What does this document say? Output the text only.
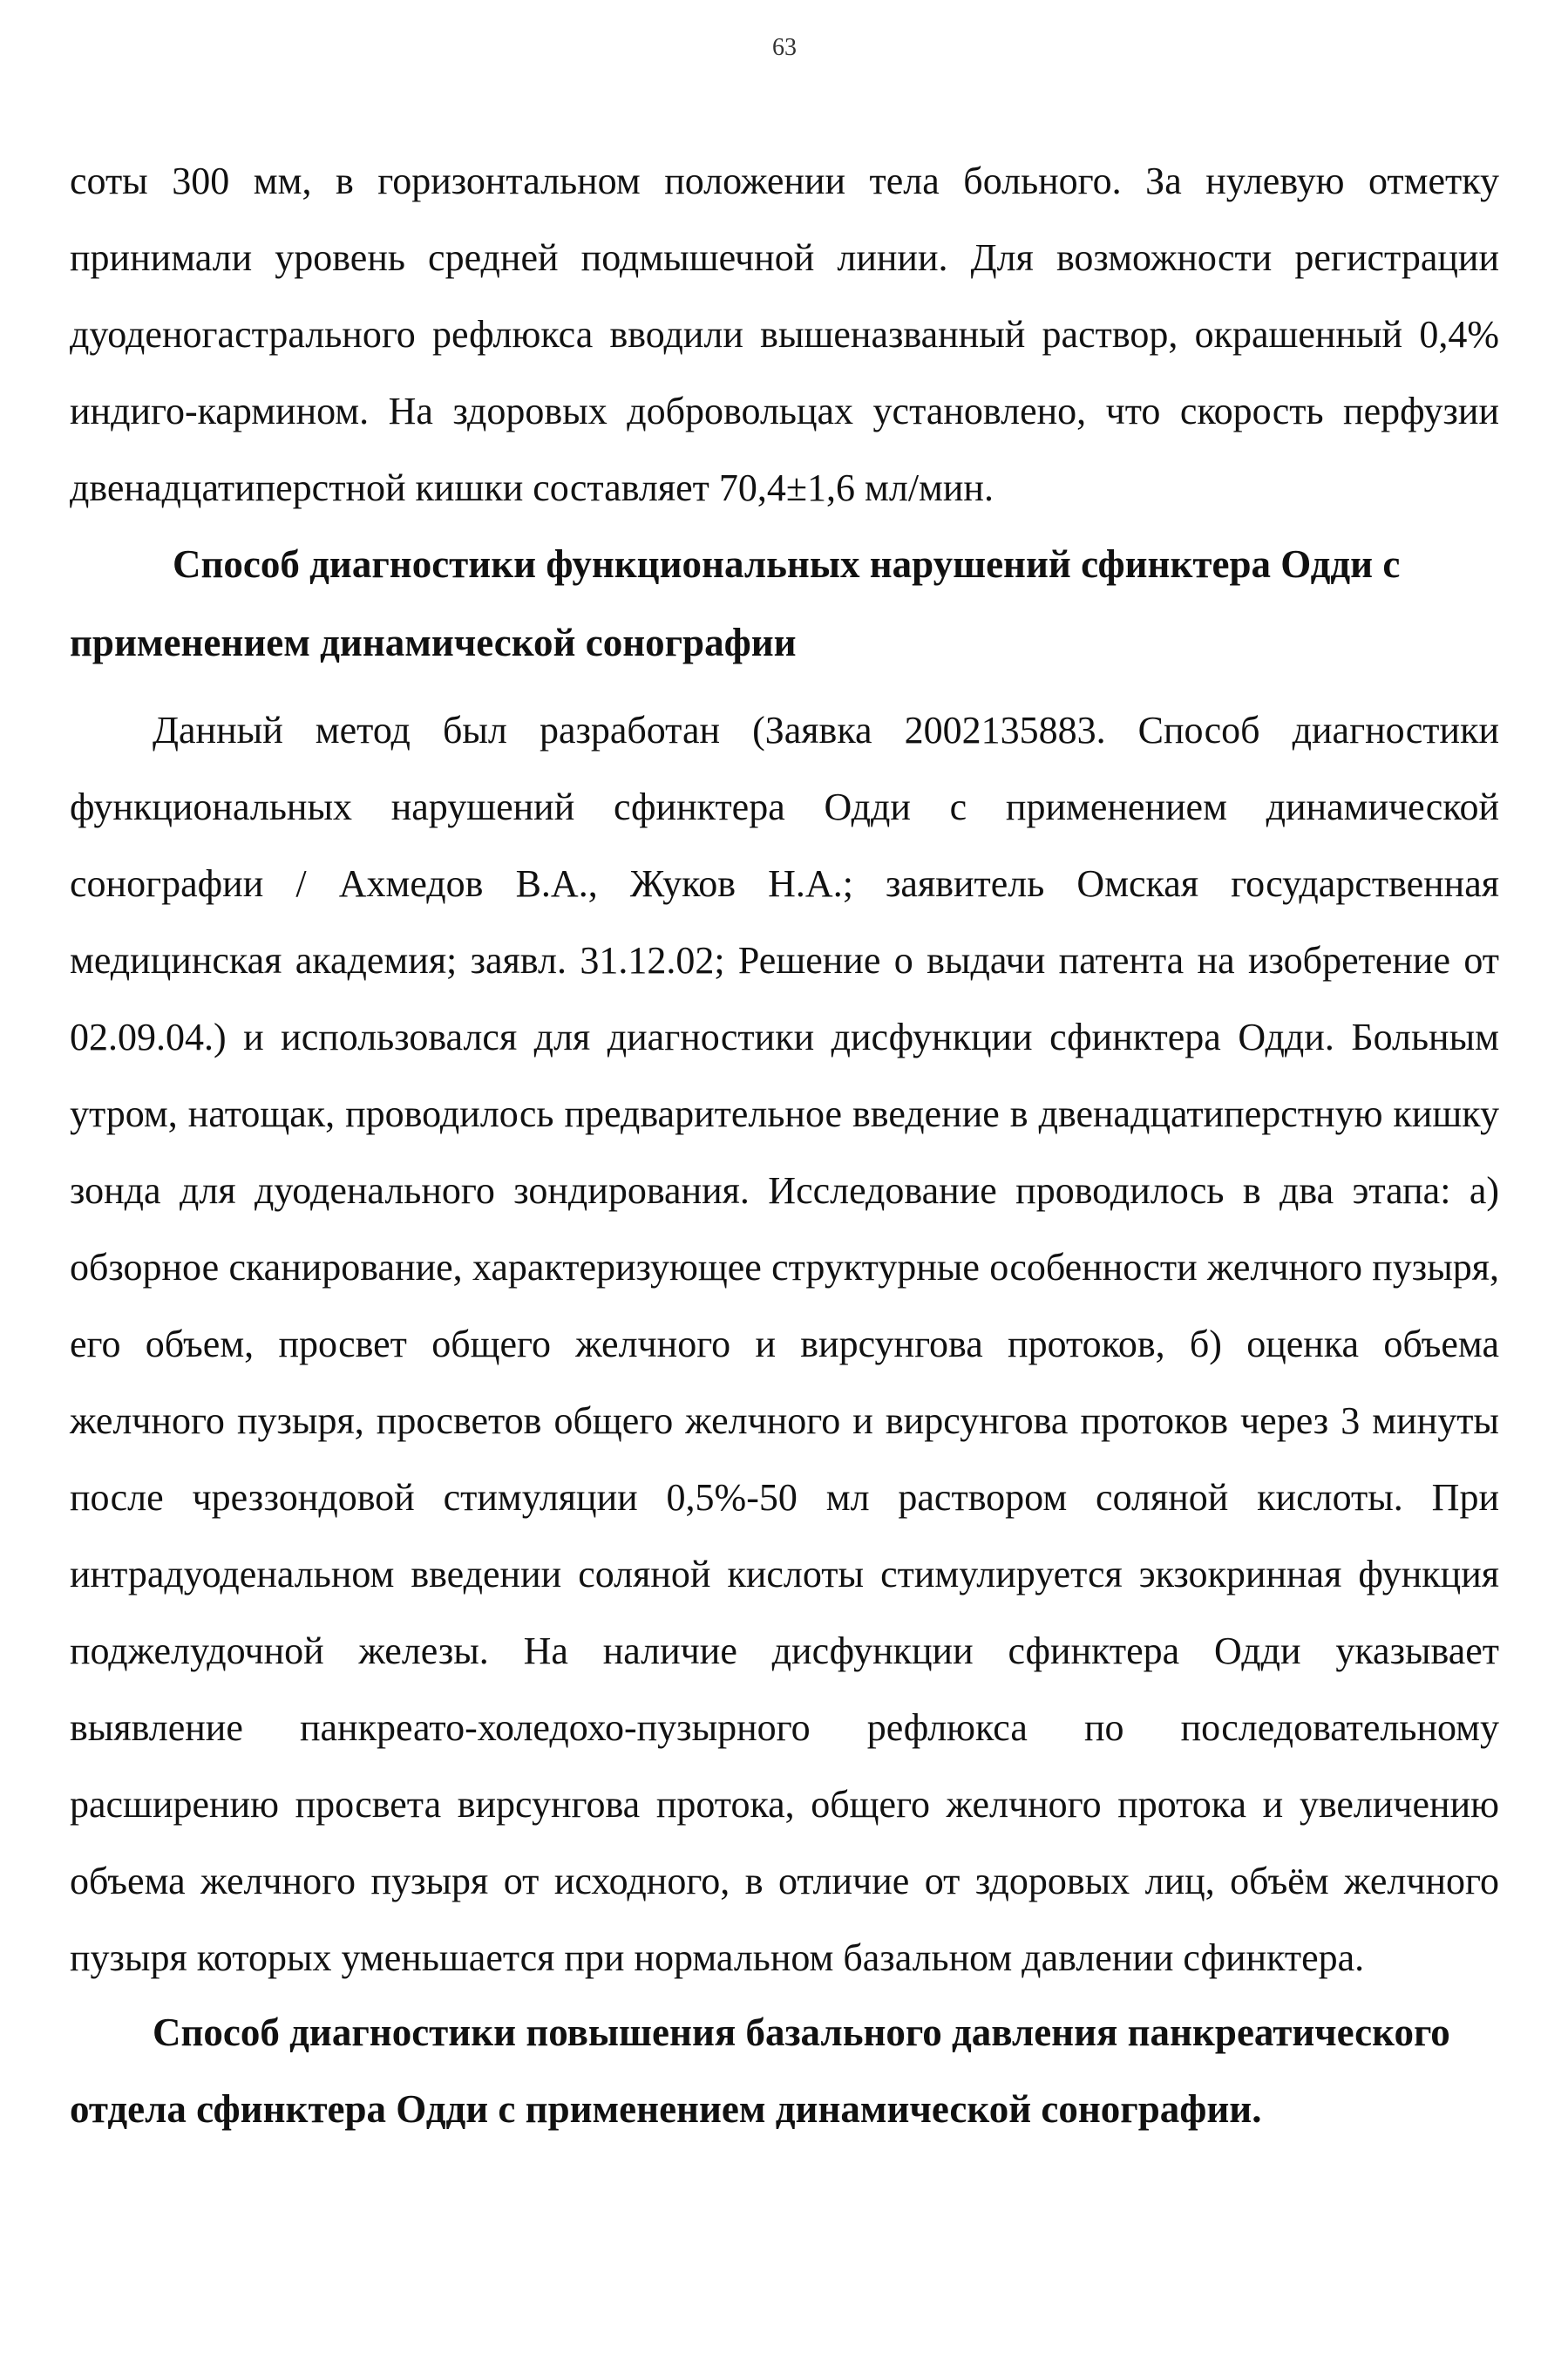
63

соты 300 мм, в горизонтальном положении тела больного. За нулевую отметку принимали уровень средней подмышечной линии. Для возможности регистрации дуоденогастрального рефлюкса вводили вышеназванный раствор, окрашенный 0,4% индиго-кармином. На здоровых добровольцах установлено, что скорость перфузии двенадцатиперстной кишки составляет 70,4±1,6 мл/мин.

Способ диагностики функциональных нарушений сфинктера Одди с применением динамической сонографии

Данный метод был разработан (Заявка 2002135883. Способ диагностики функциональных нарушений сфинктера Одди с применением динамической сонографии / Ахмедов В.А., Жуков Н.А.; заявитель Омская государственная медицинская академия; заявл. 31.12.02; Решение о выдачи патента на изобретение от 02.09.04.) и использовался для диагностики дисфункции сфинктера Одди. Больным утром, натощак, проводилось предварительное введение в двенадцатиперстную кишку зонда для дуоденального зондирования. Исследование проводилось в два этапа: а) обзорное сканирование, характеризующее структурные особенности желчного пузыря, его объем, просвет общего желчного и вирсунгова протоков, б) оценка объема желчного пузыря, просветов общего желчного и вирсунгова протоков через 3 минуты после чреззондовой стимуляции 0,5%-50 мл раствором соляной кислоты. При интрадуоденальном введении соляной кислоты стимулируется экзокринная функция поджелудочной железы. На наличие дисфункции сфинктера Одди указывает выявление панкреато-холедохо-пузырного рефлюкса по последовательному расширению просвета вирсунгова протока, общего желчного протока и увеличению объема желчного пузыря от исходного, в отличие от здоровых лиц, объём желчного пузыря которых уменьшается при нормальном базальном давлении сфинктера.

Способ диагностики повышения базального давления панкреатического отдела сфинктера Одди с применением динамической сонографии.
